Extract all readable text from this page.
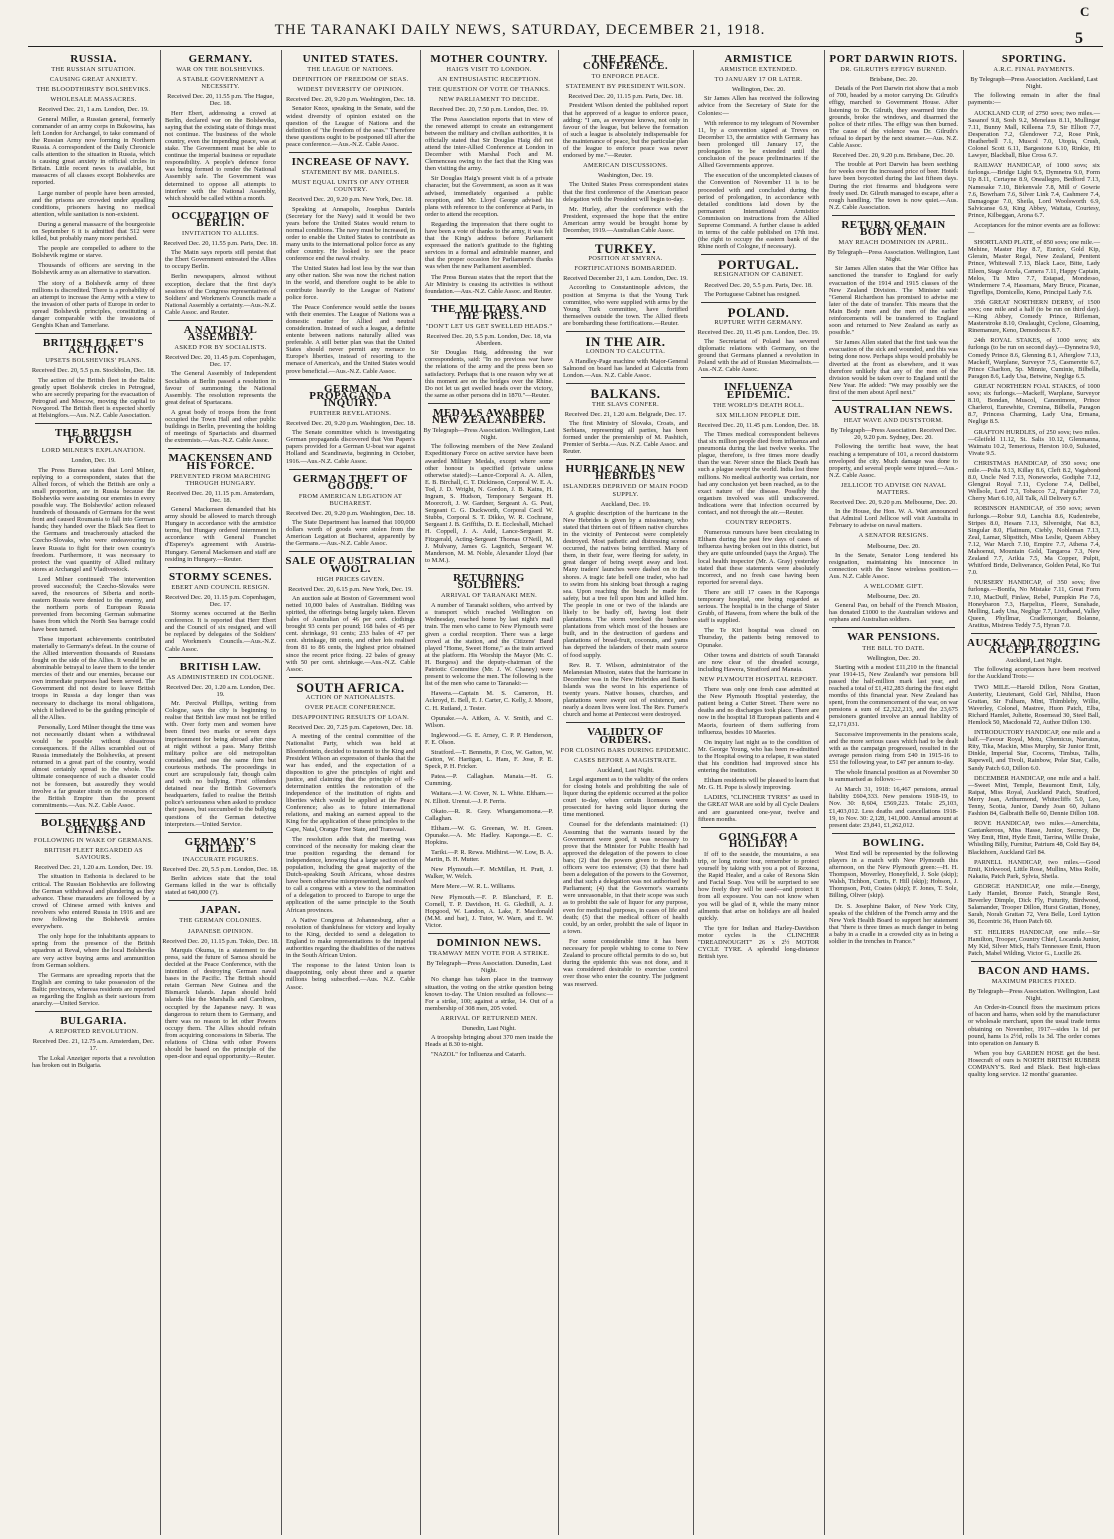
C
THE TARANAKI DAILY NEWS, SATURDAY, DECEMBER 21, 1918.	5
RUSSIA.
THE RUSSIAN SITUATION.
CAUSING GREAT ANXIETY.
THE BLOODTHIRSTY BOLSHEVIKS.
WHOLESALE MASSACRES.
Received Dec. 21, 1 a.m. London, Dec. 19.
General Miller, a Russian general, formerly commander of an army corps in Bukowina, has left London for Archangel, to take command of the Russian Army now forming in Northern Russia. A correspondent of the Daily Chronicle calls attention to the situation in Russia, which is causing great anxiety in official circles in Britain. Little recent news is available, but massacres of all classes except Bolsheviks are reported.
Large number of people have been arrested, and the prisons are crowded under appalling conditions, prisoners having no medical attention, while sanitation is non-existent.
During a general massacre of the bourgeoisie on September 6 it is admitted that 512 were killed, but probably many more perished.
The people are compelled to adhere to the Bolshevik regime or starve.
Thousands of officers are serving in the Bolshevik army as an alternative to starvation.
The story of a Bolshevik army of three millions is discredited. There is a probability of an attempt to increase the Army with a view to the invasion of other parts of Europe in order to spread Bolshevik principles, constituting a danger comparable with the invasions of Genghis Khan and Tamerlane.
BRITISH FLEET'S ACTION.
UPSETS BOLSHEVIKS' PLANS.
Received Dec. 20, 5.5 p.m. Stockholm, Dec. 18.
The action of the British fleet in the Baltic greatly upset Bolshevik circles in Petrograd, who are secretly preparing for the evacuation of Petrograd and Moscow, moving the capital to Novgorod. The British fleet is expected shortly at Helsingfors.—Aus. N.Z. Cable Association.
THE BRITISH FORCES.
LORD MILNER'S EXPLANATION.
London, Dec. 19.
The Press Bureau states that Lord Milner, replying to a correspondent, states that the Allied forces, of which the British are only a small proportion, are in Russia because the Bolsheviks were assisting our enemies in every possible way. The Bolsheviks' action released hundreds of thousands of Germans for the west front and caused Roumania to fall into German hands; they handed over the Black Sea fleet to the Germans and treacherously attacked the Czecho-Slovaks, who were endeavouring to leave Russia to fight for their own country's freedom. Furthermore, it was necessary to protect the vast quantity of Allied military stores at Archangel and Vladivostock.
Lord Milner continued: The intervention proved successful; the Czecho-Slovaks were saved, the resources of Siberia and north-eastern Russia were denied to the enemy, and the northern ports of European Russia prevented from becoming German submarine bases from which the North Sea barrage could have been turned.
These important achievements contributed materially to Germany's defeat. In the course of the Allied intervention thousands of Russians fought on the side of the Allies. It would be an abominable betrayal to leave them to the tender mercies of their and our enemies, because our own immediate purposes had been served. The Government did not desire to leave British troops in Russia a day longer than was necessary to discharge its moral obligations, which it believed to be the guiding principle of all the Allies.
Personally, Lord Milner thought the time was not necessarily distant when a withdrawal would be possible without disastrous consequences. If the Allies scrambled out of Russia immediately the Bolsheviks, at present returned in a great part of the country, would almost certainly spread to the whole. The ultimate consequence of such a disaster could not be foreseen, but assuredly they would involve a far greater strain on the resources of the British Empire than the present commitments.—Aus. N.Z. Cable Assoc.
BOLSHEVIKS AND CHINESE.
FOLLOWING IN WAKE OF GERMANS.
BRITISH FLEET REGARDED AS SAVIOURS.
Received Dec. 21, 1.20 a.m. London, Dec. 19.
The situation in Esthonia is declared to be critical. The Russian Bolsheviks are following the German withdrawal and plundering as they advance. These marauders are followed by a crowd of Chinese armed with knives and revolvers who entered Russia in 1916 and are now following the Bolshevik armies everywhere.
The only hope for the inhabitants appears to spring from the presence of the British squadron at Reval, where the local Bolsheviks are very active buying arms and ammunition from German soldiers.
The Germans are spreading reports that the English are coming to take possession of the Baltic provinces, whereas residents are reported as regarding the English as their saviours from anarchy.—United Service.
BULGARIA.
A REPORTED REVOLUTION.
Received Dec. 21, 12.75 a.m. Amsterdam, Dec. 17.
The Lokal Anzeiger reports that a revolution has broken out in Bulgaria.
GERMANY.
WAR ON THE BOLSHEVIKS.
A STABLE GOVERNMENT A NECESSITY.
Received Dec. 20, 11.55 p.m. The Hague, Dec. 18.
Herr Ebert, addressing a crowd at Berlin, declared war on the Bolsheviks, saying that the existing state of things must not continue. The business of the whole country, even the impending peace, was at stake. The Government must be able to continue the imperial business or repudiate responsibility. A people's defence force was being formed to render the National Assembly safe. The Government was determined to oppose all attempts to interfere with the National Assembly, which should be called within a month.
OCCUPATION OF BERLIN.
INVITATION TO ALLIES.
Received Dec. 20, 11.55 p.m. Paris, Dec. 18.
The Matin says reports still persist that the Ebert Government entreated the Allies to occupy Berlin.
Berlin newspapers, almost without exception, declare that the first day's sessions of the Congress representatives of Soldiers' and Workmen's Councils made a National Assembly a certainty.—Aus.-N.Z. Cable Assoc. and Reuter.
A NATIONAL ASSEMBLY.
ASKED FOR BY SOCIALISTS.
Received Dec. 20, 11.45 p.m. Copenhagen, Dec. 17.
The General Assembly of Independent Socialists at Berlin passed a resolution in favour of summoning the National Assembly. The resolution represents the great defeat of Spartacans.
A great body of troops from the front occupied the Town Hall and other public buildings in Berlin, preventing the holding of meetings of Spartacists and disarmed the extremists.—Aus.-N.Z. Cable Assoc.
MACKENSEN AND HIS FORCE.
PREVENTED FROM MARCHING THROUGH HUNGARY.
Received Dec. 20, 11.15 p.m. Amsterdam, Dec. 18.
General Mackensen demanded that his army should be allowed to march through Hungary in accordance with the armistice terms, but Hungary ordered internment in accordance with General Franchet d'Esperey's agreement with Austria-Hungary. General Mackensen and staff are residing in Hungary.—Reuter.
STORMY SCENES.
EBERT AND COUNCIL RESIGN.
Received Dec. 20, 11.15 p.m. Copenhagen, Dec. 17.
Stormy scenes occurred at the Berlin conference. It is reported that Herr Ebert and the Council of six resigned, and will be replaced by delegates of the Soldiers' and Workmen's Councils.—Aus.-N.Z. Cable Assoc.
BRITISH LAW.
AS ADMINISTERED IN COLOGNE.
Received Dec. 20, 1.20 a.m. London, Dec. 19.
Mr. Percival Phillips, writing from Cologne, says the city is beginning to realise that British law must not be trifled with. Over forty men and women have been fined two marks or seven days imprisonment for being abroad after nine at night without a pass. Many British military police are old metropolitan constables, and use the same firm but courteous methods. The proceedings in court are scrupulously fair, though calm and with no bullying. First offenders detained near the British Governor's headquarters, failed to realise the British police's seriousness when asked to produce their passes, but succumbed to the bullying questions of the German detective interpreters.—United Service.
GERMANY'S KILLED.
INACCURATE FIGURES.
Received Dec. 20, 5.5 p.m. London, Dec. 18.
Berlin advices state that the total Germans killed in the war is officially stated at 640,000 (?).
JAPAN.
THE GERMAN COLONIES.
JAPANESE OPINION.
Received Dec. 20, 11.15 p.m. Tokio, Dec. 18.
Marquis Okuma, in a statement to the press, said the future of Samoa should be decided at the Peace Conference, with the intention of destroying German naval bases in the Pacific. The British should retain German New Guinea and the Bismarck Islands. Japan should hold islands like the Marshalls and Carolines, occupied by the Japanese navy. It was dangerous to return them to Germany, and there was no reason to let other Powers occupy them. The Allies should refrain from acquiring concessions in Siberia. The relations of China with other Powers should be based on the principle of the open-door and equal opportunity.—Reuter.
UNITED STATES.
THE LEAGUE OF NATIONS.
DEFINITION OF FREEDOM OF SEAS.
WIDEST DIVERSITY OF OPINION.
Received Dec. 20, 9.20 p.m. Washington, Dec. 18.
Senator Knox, speaking in the Senate, said the widest diversity of opinion existed on the question of the League of Nations and the definition of "the freedom of the seas." Therefore these questions ought to be postponed till after the peace conference.—Aus.-N.Z. Cable Assoc.
INCREASE OF NAVY.
STATEMENT BY MR. DANIELS.
MUST EQUAL UNITS OF ANY OTHER COUNTRY.
Received Dec. 20, 9.20 p.m. New York, Dec. 18.
Speaking at Annapolis, Josephus Daniels (Secretary for the Navy) said it would be two years before the United States would return to normal conditions. The navy must be increased, in order to enable the United States to contribute as many units to the international police force as any other country. He looked to see the peace conference end the naval rivalry.
The United States had lost less by the war than any other nation. She was now the richest nation in the world, and therefore ought to be able to contribute heavily to the League of Nations' police force.
The Peace Conference would settle the issues with their enemies. The League of Nations was a domestic matter for Allied and neutral consideration. Instead of such a league, a definite entente between nations naturally allied was preferable. A still better plan was that the United States should never permit any menace to Europe's liberties, instead of resorting to the menace of America's, and the United States would prove beneficial.—Aus.-N.Z. Cable Assoc.
GERMAN PROPAGANDA INQUIRY.
FURTHER REVELATIONS.
Received Dec. 20, 9.20 p.m. Washington, Dec. 18.
The Senate committee which is investigating German propaganda discovered that Von Papen's papers provided for a German U-boat war against Holland and Scandinavia, beginning in October, 1916.—Aus.-N.Z. Cable Assoc.
GERMAN THEFT OF GOODS.
FROM AMERICAN LEGATION AT BUCHAREST.
Received Dec. 20, 9.20 p.m. Washington, Dec. 18.
The State Department has learned that 100,000 dollars worth of goods were stolen from the American Legation at Bucharest, apparently by the Germans.—Aus.-N.Z. Cable Assoc.
SALE OF AUSTRALIAN WOOL.
HIGH PRICES GIVEN.
Received Dec. 20, 6.15 p.m. New York, Dec. 19.
An auction sale at Boston of Government wool netted 10,000 bales of Australian. Bidding was spirited, the offerings being largely taken. Eleven bales of Australian of 46 per cent. clothings brought 93 cents per pound; 168 bales of 45 per cent. shrinkage, 91 cents; 233 bales of 47 per cent. shrinkage, 88 cents, and other lots realised from 81 to 86 cents, the highest price obtained since the recent price fixing. 22 bales of greasy with 50 per cent. shrinkage.—Aus.-N.Z. Cable Assoc.
SOUTH AFRICA.
ACTION OF NATIONALISTS.
OVER PEACE CONFERENCE.
DISAPPOINTING RESULTS OF LOAN.
Received Dec. 20, 7.25 p.m. Capetown, Dec. 18.
A meeting of the central committee of the Nationalist Party, which was held at Bloemfontein, decided to transmit to the King and President Wilson an expression of thanks that the war has ended, and the expectation of a disposition to give the principles of right and justice, and claiming that the principle of self-determination entitles the restoration of the independence of the institution of rights and liberties which would be applied at the Peace Conference; also as to future international relations, and making an earnest appeal to the King for the application of these principles to the Cape, Natal, Orange Free State, and Transvaal.
The resolution adds that the meeting was convinced of the necessity for making clear the true position regarding the demand for independence, knowing that a large section of the population, including the great majority of the Dutch-speaking South Africans, whose desires have been otherwise misrepresented, had resolved to call a congress with a view to the nomination of a delegation to proceed to Europe to urge the application of the same principle to the South African provinces.
A Native Congress at Johannesburg, after a resolution of thankfulness for victory and loyalty to the King, decided to send a delegation to England to make representations to the imperial authorities regarding the disabilities of the natives in the South African Union.
The response to the latest Union loan is disappointing, only about three and a quarter millions being subscribed.—Aus. N.Z. Cable Assoc.
MOTHER COUNTRY.
HAIG'S VISIT TO LONDON.
AN ENTHUSIASTIC RECEPTION.
THE QUESTION OF VOTE OF THANKS.
NEW PARLIAMENT TO DECIDE.
Received Dec. 20, 7.50 p.m. London, Dec. 19.
The Press Association reports that in view of the renewed attempt to create an estrangement between the military and civilian authorities, it is officially stated that Sir Douglas Haig did not attend the inter-Allied Conference at London in December with Marshal Foch and M. Clemenceau owing to the fact that the King was then visiting the army.
Sir Douglas Haig's present visit is of a private character, but the Government, as soon as it was advised, immediately organised a public reception, and Mr. Lloyd George advised his plans with reference to the conference at Paris, in order to attend the reception.
Regarding the impression that there ought to have been a vote of thanks to the army, it was felt that the King's address before Parliament expressed the nation's gratitude to the fighting services in a formal and admirable manner, and that the proper occasion for Parliament's thanks was when the new Parliament assembled.
The Press Bureau states that the report that the Air Ministry is ceasing its activities is without foundation.—Aus.-N.Z. Cable Assoc. and Reuter.
THE MILITARY AND THE PRESS.
"DON'T LET US GET SWELLED HEADS."
Received Dec. 20, 5.5 p.m. London, Dec. 18, via Aberdeen.
Sir Douglas Haig, addressing the war correspondents, said: "In no previous war have the relations of the army and the press been so satisfactory. Perhaps that is one reason why we at this moment are on the bridges over the Rhine. Do not let us get swelled heads over the victory, the same as other persons did in 1870."—Reuter.
MEDALS AWARDED NEW ZEALANDERS.
By Telegraph—Press Association. Wellington, Last Night.
The following members of the New Zealand Expeditionary Force on active service have been awarded Military Medals, except where some other honour is specified (private unless otherwise stated):—Lance-Corporal A. A. Allen, E. B. Birchall, C. T. Dickinson, Corporal W. E. A. Tod, J. D. Wright, N. Gordon, J. B. Kains, H. Ingram, S. Hudson, Temporary Sergeant H. Moorcroft, J. W. Gardner, Sergeant A. G. Peat, Sergeant C. G. Duckworth, Corporal Cecil W. Stubbs, Corporal S. T. Dikko, W. R. Cochrane, Sergeant J. B. Griffiths, D. E. Eccleshall, Michael H. Coppell, J. A. Auld, Lance-Sergeant R. Fitzgerald, Acting-Sergeant Thomas O'Neill, M. J. Mulvany, James G. Lagnitch, Sergeant W. Manderson, M. M. Noble, Alexander Lloyd (bar to M.M.).
RETURNING SOLDIERS.
ARRIVAL OF TARANAKI MEN.
A number of Taranaki soldiers, who arrived by a transport which reached Wellington on Wednesday, reached home by last night's mail train. The men who came to New Plymouth were given a cordial reception. There was a large crowd at the station, and the Citizens' Band played "Home, Sweet Home," as the train arrived at the platform. His Worship the Mayor (Mr. C. H. Burgess) and the deputy-chairman of the Patriotic Committee (Mr. J. W. Chaney) were present to welcome the men. The following is the list of the men who came to Taranaki:—
Hawera.—Captain M. S. Cameron, H. Ackroyd, E. Bell, E. J. Carter, C. Kelly, J. Moore, C. H. Rutland, J. Tester.
Opunake.—A. Aitken, A. V. Smith, and C. Wilson.
Inglewood.—G. E. Arney, C. P. P. Henderson, F. E. Olson.
Stratford.—T. Bennetts, P. Cox, W. Gatton, W. Gatton, W. Hartigan, L. Ham, F. Jose, P. E. Speck, P. H. Fricker.
Patea.—P. Callaghan. Manaia.—H. G. Cumming.
Waitara.—J. W. Cover, N. L. White. Eltham.—N. Elliott. Urenui.—J. P. Ferris.
Okato.—R. R. Grey. Whangamomona.—P. Callaghan.
Eltham.—W. G. Greenan, W. H. Green. Opunake.—A. Mc Hadley. Kaponga.—E. C. Hopkins.
Tariki.—P. R. Rewa. Midhirst.—W. Low, B. A. Martin, B. H. Mutter.
New Plymouth.—F. McMillan, H. Pratt, J. Walker, W. Welch.
Mere Mere.—W. R. L. Williams.
New Plymouth.—F. P. Blanchard, F. E. Cornell, T. P. Davidson, H. G. Gledhill, A. J. Hopgood, W. Landon, A. Lake, F. Macdonald (M.M. and bar), J. Tutor, W. Warn, and E. W. Victor.
DOMINION NEWS.
TRAMWAY MEN VOTE FOR A STRIKE.
By Telegraph—Press Association. Dunedin, Last Night.
No change has taken place in the tramway situation, the voting on the strike question being known to-day. The Union resulted as follows:—For a strike, 100; against a strike, 14. Out of a membership of 308 men, 205 voted.
ARRIVAL OF RETURNED MEN.
Dunedin, Last Night.
A troopship bringing about 370 men inside the Heads at 8.30 to-night.
"NAZOL" for Influenza and Catarrh.
THE PEACE CONFERENCE.
TO ENFORCE PEACE.
STATEMENT BY PRESIDENT WILSON.
Received Dec. 20, 11.15 p.m. Paris, Dec. 18.
President Wilson denied the published report that he approved of a league to enforce peace, adding: "I am, as everyone knows, not only in favour of the league, but believe the formation of such a league is absolutely indispensable for the maintenance of peace, but the particular plan of the league to enforce peace was never endorsed by me."—Reuter.
AMERICAN DISCUSSIONS.
Washington, Dec. 19.
The United States Press correspondent states that the first conference of the American peace delegation with the President will begin to-day.
Mr. Hurley, after the conference with the President, expressed the hope that the entire American army would be brought home by December, 1919.—Australian Cable Assoc.
TURKEY.
POSITION AT SMYRNA.
FORTIFICATIONS BOMBARDED.
Received December 21, 1 a.m. London, Dec. 19.
According to Constantinople advices, the position at Smyrna is that the Young Turk committee, who were supplied with arms by the Young Turk committee, have fortified themselves outside the town. The Allied fleets are bombarding these fortifications.—Reuter.
IN THE AIR.
LONDON TO CALCUTTA.
A Handley-Page machine with Major-General Salmond on board has landed at Calcutta from London.—Aus. N.Z. Cable Assoc.
BALKANS.
THE SLAVS CONFER.
Received Dec. 21, 1.20 a.m. Belgrade, Dec. 17.
The first Ministry of Slovaks, Croats, and Serbians, representing all parties, has been formed under the premiership of M. Pashitch, Premier of Serbia.—Aus. N.Z. Cable Assoc. and Reuter.
HURRICANE IN NEW HEBRIDES
ISLANDERS DEPRIVED OF MAIN FOOD SUPPLY.
Auckland, Dec. 19.
A graphic description of the hurricane in the New Hebrides is given by a missionary, who stated that thirteen out of fifteen native churches in the vicinity of Pentecost were completely destroyed. Most pathetic and distressing scenes occurred, the natives being terrified. Many of them, in their fear, were fleeing for safety, in great danger of being swept away and lost. Many traders' launches were dashed on to the shores. A tragic fate befell one trader, who had to swim from his sinking boat through a raging sea. Upon reaching the beach he made for safety, but a tree fell upon him and killed him. The people in one or two of the islands are likely to be badly off, having lost their plantations. The storm wrecked the bamboo plantations from which most of the houses are built, and in the destruction of gardens and plantations of bread-fruit, coconuts, and yams has deprived the islanders of their main source of food supply.
Rev. R. T. Wilson, administrator of the Melanesian Mission, states that the hurricane in December was in the New Hebrides and Banks Islands was the worst in his experience of twenty years. Native houses, churches, and plantations were swept out of existence, and nearly a dozen lives were lost. The Rev. Furner's church and home at Pentecost were destroyed.
VALIDITY OF ORDERS.
FOR CLOSING BARS DURING EPIDEMIC.
CASES BEFORE A MAGISTRATE.
Auckland, Last Night.
Legal argument as to the validity of the orders for closing hotels and prohibiting the sale of liquor during the epidemic occurred at the police court to-day, when certain licensees were prosecuted for having sold liquor during the time mentioned.
Counsel for the defendants maintained: (1) Assuming that the warrants issued by the Government were good, it was necessary to prove that the Minister for Public Health had approved the delegation of the powers to close bars; (2) that the powers given to the health officers were too extensive; (3) that there had been a delegation of the powers to the Governor, and that such a delegation was not authorised by Parliament; (4) that the Governor's warrants were unreasonable, in that their scope was such as to prohibit the sale of liquor for any purpose, even for medicinal purposes, in cases of life and death; (5) that the medical officer of health could, by an order, prohibit the sale of liquor in a town.
For some considerable time it has been necessary for people wishing to come to New Zealand to procure official permits to do so, but during the epidemic this was not done, and it was considered desirable to exercise control over those who enter the country. The judgment was reserved.
ARMISTICE
ARMISTICE EXTENDED.
TO JANUARY 17 OR LATER.
Wellington, Dec. 20.
Sir James Allen has received the following advice from the Secretary of State for the Colonies:—
With reference to my telegram of November 11, by a convention signed at Treves on December 13, the armistice with Germany has been prolonged till January 17, the prolongation to be extended until the conclusion of the peace preliminaries if the Allied Governments approve.
The execution of the uncompleted clauses of the Convention of November 11 is to be proceeded with and concluded during the period of prolongation, in accordance with detailed conditions laid down by the permanent International Armistice Commission on instructions from the Allied Supreme Command. A further clause is added in terms of the cable published on 17th inst. (the right to occupy the eastern bank of the Rhine north of Cologne, if necessary).
PORTUGAL.
RESIGNATION OF CABINET.
Received Dec. 20, 5.5 p.m. Paris, Dec. 18.
The Portuguese Cabinet has resigned.
POLAND.
RUPTURE WITH GERMANY.
Received Dec. 20, 11.45 p.m. London, Dec. 19.
The Secretariat of Poland has severed diplomatic relations with Germany, on the ground that Germans planned a revolution in Poland with the aid of Russian Maximalists.—Aus.-N.Z. Cable Assoc.
INFLUENZA EPIDEMIC.
THE WORLD'S DEATH ROLL.
SIX MILLION PEOPLE DIE.
Received Dec. 20, 11.45 p.m. London, Dec. 18.
The Times medical correspondent believes that six million people died from influenza and pneumonia during the last twelve weeks. The plague, therefore, is five times more deadly than the war. Never since the Black Death has such a plague swept the world. India lost three millions. No medical authority was certain, nor had any conclusion yet been reached, as to the exact nature of the disease. Possibly the organism involved was still undiscovered. Indications were that infection occurred by contact, and not through the air.—Reuter.
COUNTRY REPORTS.
Numerous rumours have been circulating in Eltham during the past few days of cases of influenza having broken out in this district, but they are quite unfounded (says the Argus). The local health inspector (Mr. A. Gray) yesterday stated that these statements were absolutely incorrect, and no fresh case having been reported for several days.
There are still 17 cases in the Kaponga temporary hospital, one being regarded as serious. The hospital is in the charge of Sister Grubb, of Hawera, from where the bulk of the staff is supplied.
The Te Kiri hospital was closed on Thursday, the patients being removed to Opunake.
Other towns and districts of south Taranaki are now clear of the dreaded scourge, including Hawera, Stratford and Manaia.
NEW PLYMOUTH HOSPITAL REPORT.
There was only one fresh case admitted at the New Plymouth Hospital yesterday, the patient being a Cutter Street. There were no deaths and no discharges took place. There are now in the hospital 18 European patients and 4 Maoris, fourteen of them suffering from influenza, besides 10 Maories.
On inquiry last night as to the condition of Mr. George Young, who has been re-admitted to the Hospital owing to a relapse, it was stated that his condition had improved since his entering the institution.
Eltham residents will be pleased to learn that Mr. G. H. Pope is slowly improving.
LADIES, "CLINCHER TYRES" as used in the GREAT WAR are sold by all Cycle Dealers and are guaranteed one-year, twelve and fifteen months.
GOING FOR A HOLIDAY!
If off to the seaside, the mountains, a sea trip, or long motor tour, remember to protect yourself by taking with you a pot of Rexona, the Rapid Healer, and a cake of Rexona Skin and Facial Soap. You will be surprised to see how freely they will be used—and protect it from all exposure. You can not know when you will be glad of it, while the many minor ailments that arise on holidays are all healed quickly.
The tyre for Indian and Harley-Davidson motor cycles is the CLINCHER "DREADNOUGHT" 26 x 2½ MOTOR CYCLE TYRE. A splendid long-distance British tyre.
PORT DARWIN RIOTS.
DR. GILRUTH'S EFFIGY BURNED.
Brisbane, Dec. 20.
Details of the Port Darwin riot show that a mob of 700, headed by a motor carrying Dr. Gilruth's effigy, marched to Government House. After listening to Dr. Gilruth, they swarmed into the grounds, broke the windows, and disarmed the police of their rifles. The effigy was then burned. The cause of the violence was Dr. Gilruth's refusal to depart by the next steamer.—Aus. N.Z. Cable Assoc.
Received Dec. 20, 9.20 p.m. Brisbane, Dec. 20.
The trouble at Port Darwin has been seething for weeks over the increased price of beer. Hotels have been boycotted during the last fifteen days. During the riot firearms and bludgeons were freely used. Dr. Gilruth managed to escape, after a rough handling. The town is now quiet.—Aus. N.Z. Cable Association.
RETURN OF MAIN BODY MEN.
MAY REACH DOMINION IN APRIL.
By Telegraph—Press Association. Wellington, Last Night.
Sir James Allen states that the War Office has sanctioned the transfer to England for early evacuation of the 1914 and 1915 classes of the New Zealand Division. The Minister said: "General Richardson has promised to advise me later of the date of transfer. This means that the Main Body men and the men of the earlier reinforcements will be transferred to England soon and returned to New Zealand as early as possible."
Sir James Allen stated that the first task was the evacuation of the sick and wounded, and this was being done now. Perhaps ships would probably be diverted at the front as elsewhere, and it was therefore unlikely that any of the men of the division would be taken over to England until the New Year. He added: "We may possibly see the first of the men about April next."
AUSTRALIAN NEWS.
HEAT WAVE AND DUSTSTORM.
By Telegraph—Press Association. Received Dec. 20, 9.20 p.m. Sydney, Dec. 20.
Following the terrific heat wave, the heat reaching a temperature of 101, a record duststorm enveloped the city. Much damage was done to property, and several people were injured.—Aus.-N.Z. Cable Assoc.
JELLICOE TO ADVISE ON NAVAL MATTERS.
Received Dec. 20, 9.20 p.m. Melbourne, Dec. 20.
In the House, the Hon. W. A. Watt announced that Admiral Lord Jellicoe will visit Australia in February to advise on naval matters.
A SENATOR RESIGNS.
Melbourne, Dec. 20.
In the Senate, Senator Long tendered his resignation, maintaining his innocence in connection with the Snow wireless position.—Aus. N.Z. Cable Assoc.
A WELCOME GIFT.
Melbourne, Dec. 20.
General Pau, on behalf of the French Mission, has donated £1000 to the Australian widows and orphans and Australian soldiers.
WAR PENSIONS.
THE BILL TO DATE.
Wellington, Dec. 20.
Starting with a modest £11,210 in the financial year 1914-15, New Zealand's war pensions bill passed the half-million mark last year, and reached a total of £1,412,283 during the first eight months of this financial year. New Zealand has spent, from the commencement of the war, on war pensions a sum of £2,322,213, and the 23,675 pensioners granted involve an annual liability of £2,171,031.
Successive improvements in the pensions scale, and the more serious cases which had to be dealt with as the campaign progressed, resulted in the average pension rising from £40 in 1915-16 to £51 the following year, to £47 per annum to-day.
The whole financial position as at November 30 is summarised as follows:—
At March 31, 1918: 16,467 pensions, annual liability £604,333. New pensions 1918-19, to Nov. 30: 8,604, £569,223. Totals: 25,103, £1,403,012. Less deaths and cancellations 1918-19, to Nov. 30: 2,128, 141,000. Annual amount at present date: 23,841, £1,262,012.
BOWLING.
West End will be represented by the following players in a match with New Plymouth this afternoon, on the New Plymouth green:—H. H. Thompson, Moverley, Honeyfield, J. Sole (skip); Walsh, Tichbon, Curtis, F. Hill (skip); Hobson, J. Thompson, Pott, Coates (skip); F. Jones, T. Sole, Billing, Oliver (skip).
Dr. S. Josephine Baker, of New York City, speaks of the children of the French army and the New York Health Board to support her statement that "there is three times as much danger in being a baby in a cradle in a crowded city as in being a soldier in the trenches in France."
SPORTING.
A.R.C. FINAL PAYMENTS.
By Telegraph—Press Association. Auckland, Last Night.
The following remain in after the final payments:—
AUCKLAND CUP, of 2750 sovs; two miles.—Sasanof 9.8, Sosh 9.2, Menelaus 8.11, Mullingar 7.11, Bunny Mall, Killeena 7.9, Sir Elliott 7.7, Desperation 7.2, Glendower 7.2, Rose Pink, Heatherbell 7.1, Muscol 7.0, Utopia, Crush, Colonel Scott 6.11, Bargestone 6.10, Rinkie, Hi Lawyer, Blackball, Blue Cross 6.7.
RAILWAY HANDICAP, of 1000 sovs; six furlongs.—Bridge Light 9.5, Dymnetra 9.0, Form Up 8.11, Certayne 8.9, Oneallegro, Bedford 7.13, Namesake 7.10, Birkenvale 7.8, Mill o' Gowrie 7.6, Bowrham 7.6, Silver Link 7.4, Cashmere 7.4, Damagogue 7.0, Sheila, Lord Woolsworth 6.9, Salvicanse 6.9, King Abbey, Waitata, Courtesy, Prince, Kilbeggan, Arona 6.7.
Acceptances for the minor events are as follows:—
SHORTLAND PLATE, of 850 sovs; one mile.—Mehine, Master Hay 8.7, Eunice, Gold Kip, Glerain, Master Regal, New Zealand, Penitent Prince, Whitewall 7.13, Black Lace, Bitte, Lady Eileen, Stage Arcola, Camera 7.11, Happy Captain, Melos, Tu Miro 7.7, Estapad, Mondesso, Windermere 7.4, Hassmara, Mary Bruce, Picanae, Tigreflips, Domicello, Keno, Principal Lady 7.6.
35th GREAT NORTHERN DERBY, of 1500 sovs; one mile and a half (to be run on third day).—King Abbey, Comedy Prince, Rifleman, Masterstroke 8.10, Onslaught, Cyclone, Gloaming, Rinemanure, Keno, Demodocus 8.7.
24th ROYAL STAKES, of 1000 sovs; six furlongs (to be run on second day).—Dynnetra 9.0, Comedy Prince 8.6, Glenning 8.1, Afterglow 7.13, Mackeff, Warplane, Surveyor 7.5, Casmerette 6.7, Prince Charlton, Sp. Minnie, Cuminie, Bilbella, Paragon 8.6, Lady Usa, Betwine, Neglige 6.5.
GREAT NORTHERN FOAL STAKES, of 1000 sovs; six furlongs.—Mackeff, Warplane, Surveyor 8.10, Bondan, Muscol, Canonimore, Prince Charleroi, Eurewhite, Cremina, Bilbella, Paragon 8.7, Princess Charming, Lady Una, Ermana, Neglige 8.5.
GRAFTON HURDLES, of 250 sovs; two miles.—Gleifeld 11.12, St. Salis 10.12, Glenmanna, Waimatu 10.2, Temerious, Herston 10.0, Sulusted, Vivate 9.5.
CHRISTMAS HANDICAP, of 350 sovs; one mile.—Polia 9.13, Killay 8.6, Cleft 8.2, Vagabond 8.0, Uncle Ned 7.13, Noneworks, Godiphe 7.12, Glengrai Royal 7.11, Cyclone 7.4, Dellbel, Wellsole, Lord 7.3, Tobacco 7.2, Fairgrafter 7.0, Cherry Mart 6.10, All Talk, All Delivery 6.7.
ROBINSON HANDICAP, of 350 sovs; seven furlongs.—Robur 9.0, Lanchia 8.6, Kudenirebe, Stripes 8.0, Hesam 7.13, Silversight, Nat 8.3, Singular 8.0, Flatinum, Ciebly, Nobleman 7.13, Zeal, Lamar, Slipstitch, Miss Leslie, Queen Abbey 7.12, War March 7.10, Empire 7.7, Athena 7.4, Mahoenui, Mountain Gold, Tangaroa 7.3, New Zealand 7.7, Arikia 7.5, Ma Copper, Pulpit, Whitford Bride, Deliverance, Golden Petal, Ko Tui 7.0.
NURSERY HANDICAP, of 350 sovs; five furlongs.—Bonifa, No Mistake 7.11, Great Form 7.10, MacDuff, Finlaw, Rebel, Pumpkin Pie 7.6, Honeybaron 7.3, Harpelius, Fleere, Sunshade, Melling, Lady Una, Neglige 7.7, Lividband, Valley Queen, Phyllmar, Cradlemonger, Bolanne, Aratitus, Mistress Teddy 7.5, Hyran 7.0.
AUCKLAND TROTTING ACCEPTANCES.
Auckland, Last Night.
The following acceptances have been received for the Auckland Trots:—
TWO MILE.—Harold Dillon, Nora Grattan, Austerity, Lieutenant, Gold Girl, Nihilist, Huon Grattan, Sir Fulham, Mint, Thimbleby, Willie, Waverley, Colonel, Mastree, Huon Patch, Elba, Richard Hamlet, Juliette, Rosemead 30, Steel Ball, Hemlock 50, Macdonald 72, Author Dillon 130.
INTRODUCTORY HANDICAP, one mile and a half.—Favour Royal, Motu, Chemicus, Narratus, Rity, Tika, Mackin, Miss Murphy, Sir Junior Emit, Dinkle, Imperial Star, Cocorns, Timbus, Tallis, Rapewell, and Tivoli, Rainbow, Polar Star, Callo, Sandy Patch 6.0, Dillon 6.0.
DECEMBER HANDICAP, one mile and a half.—Sweet Mint, Temple, Beaumont Emit, Lily, Raipat, Miss Royal, Auckland Patch, Stratford, Merry Jean, Arthurmond, Whitecliffs 5.0, Leo, Tenny, Scotia, Junior, Dandy Joan 60, Juliano Fashion 84, Galbraith Belle 60, Dennie Dillon 108.
ROVE HANDICAP, two miles.—Amerchita, Cantankerous, Miss Hasse, Junior, Secrecy, De Wey Emit, Hint, Hyde Emit, Tarrina, Willie Drake, Whistling Billy, Furnitur, Patrium 48, Cold Bay 84, Blackthorn, Auckland Girl 84.
PARNELL HANDICAP, two miles.—Good Emit, Kirkwood, Little Rose, Mullins, Miss Rolfe, Nakaiia, Patch Park, Sylvia, Sheila.
GEORGE HANDICAP, one mile.—Energy, Lady Hamlet, Bronze Patch, Strangle Rest, Beverley Dimple, Dick Fly, Futurity, Birdwood, Salamander, Trooper Dillon, Hurst Grattan, Honey, Sarah, Norah Grattan 72, Vera Belle, Lord Lytton 36, Eccentric 36, Huon Patch 60.
ST. HELIERS HANDICAP, one mile.—Sir Hamilton, Trooper, Country Chief, Locanda Junior, My Kid, Silver Mick, Hal's Tennessee Emit, Huon Patch, Mabel Wilding, Victor G., Lucille 26.
BACON AND HAMS.
MAXIMUM PRICES FIXED.
By Telegraph—Press Association. Wellington, Last Night.
An Order-in-Council fixes the maximum prices of bacon and hams, when sold by the manufacturer or wholesale merchant, upon the usual trade terms obtaining on November, 1917—sides 1s 1d per pound, hams 1s 2½d, rolls 1s 3d. The order comes into operation on January 8.
When you buy GARDEN HOSE get the best. Hosecraft of ours is NORTH BRITISH RUBBER COMPANY'S. Red and Black. Best high-class quality long service. 12 months' guarantee.
